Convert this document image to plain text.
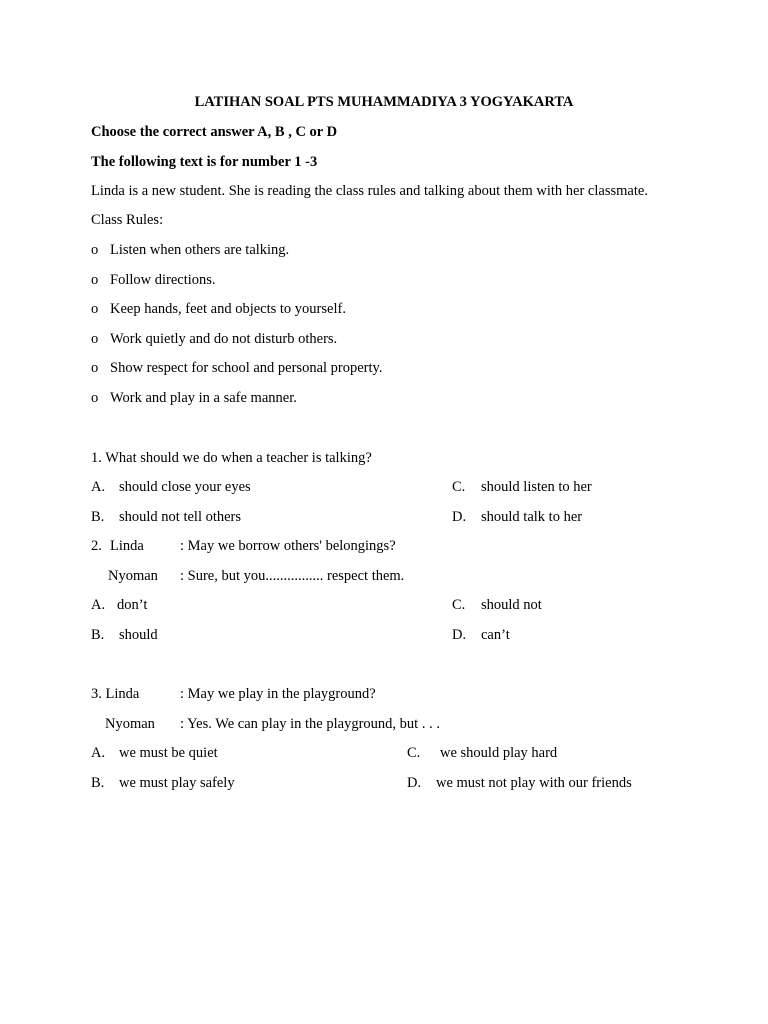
LATIHAN SOAL PTS MUHAMMADIYA 3 YOGYAKARTA
Choose the correct answer A, B , C or D
The following text is for number 1 -3
Linda is a new student. She is reading the class rules and talking about them with her classmate.
Class Rules:
o Listen when others are talking.
o Follow directions.
o Keep hands, feet and objects to yourself.
o Work quietly and do not disturb others.
o Show respect for school and personal property.
o Work and play in a safe manner.
1. What should we do when a teacher is talking?
A. should close your eyes	C. should listen to her
B. should not tell others	D. should talk to her
2. Linda : May we borrow others' belongings?
Nyoman : Sure, but you................ respect them.
A. don’t	C. should not
B. should	D. can’t
3. Linda	: May we play in the playground?
Nyoman : Yes. We can play in the playground, but . . .
A. we must be quiet	C. we should play hard
B. we must play safely	D. we must not play with our friends
